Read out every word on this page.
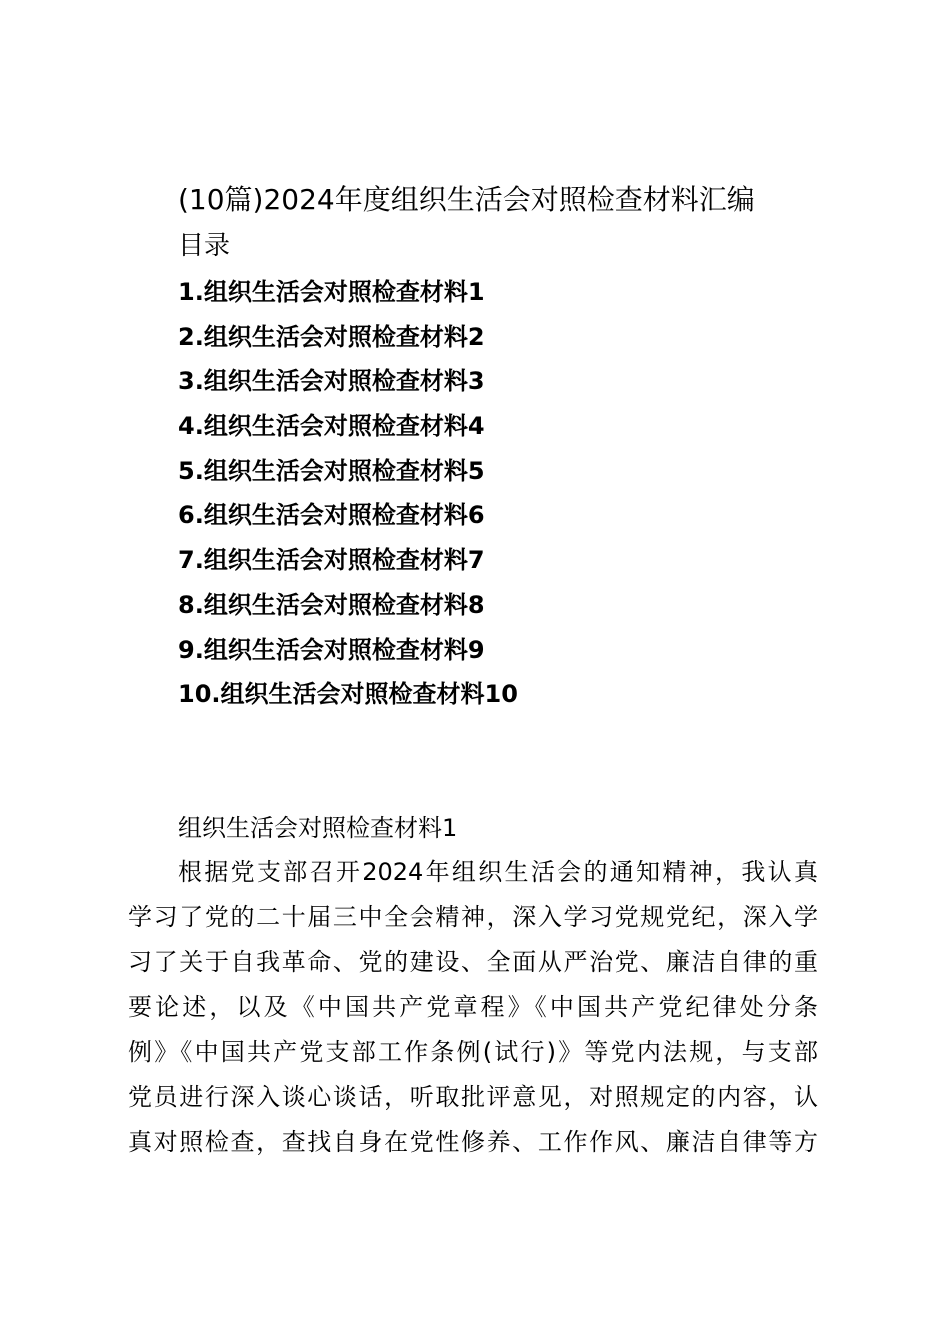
(10篇)2024年度组织生活会对照检查材料汇编
目录
1.组织生活会对照检查材料1
2.组织生活会对照检查材料2
3.组织生活会对照检查材料3
4.组织生活会对照检查材料4
5.组织生活会对照检查材料5
6.组织生活会对照检查材料6
7.组织生活会对照检查材料7
8.组织生活会对照检查材料8
9.组织生活会对照检查材料9
10.组织生活会对照检查材料10
组织生活会对照检查材料1
根据党支部召开2024年组织生活会的通知精神，我认真
学习了党的二十届三中全会精神，深入学习党规党纪，深入学
习了关于自我革命、党的建设、全面从严治党、廉洁自律的重
要论述，以及《中国共产党章程》《中国共产党纪律处分条
例》《中国共产党支部工作条例(试行)》等党内法规，与支部
党员进行深入谈心谈话，听取批评意见，对照规定的内容，认
真对照检查，查找自身在党性修养、工作作风、廉洁自律等方
